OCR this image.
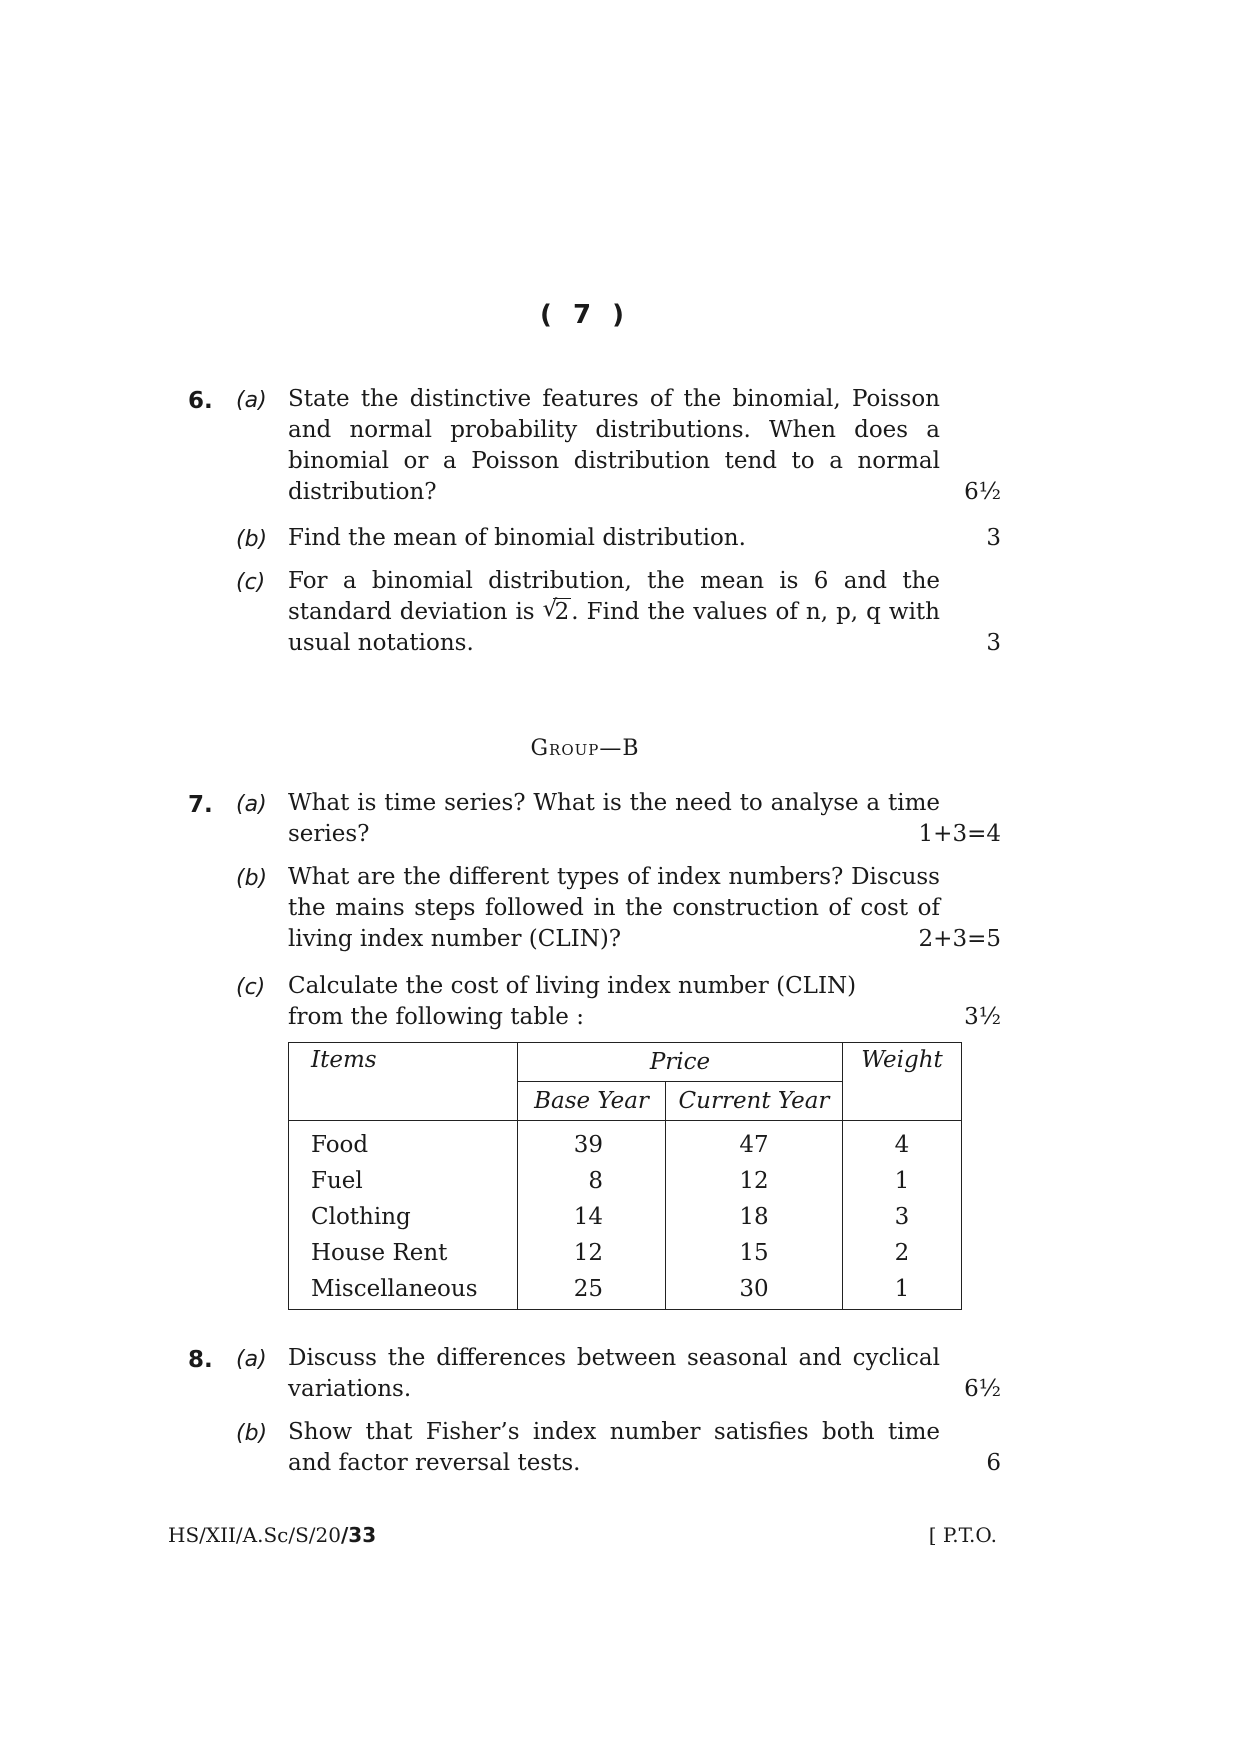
( 7 )
6. (a) State the distinctive features of the binomial, Poisson and normal probability distributions. When does a binomial or a Poisson distribution tend to a normal distribution?	6½
(b) Find the mean of binomial distribution.	3
(c) For a binomial distribution, the mean is 6 and the standard deviation is √
2. Find the values of n, p, q with usual notations.	3
Group—B
7. (a) What is time series? What is the need to analyse a time series?	1+3=4
(b) What are the different types of index numbers? Discuss the mains steps followed in the construction of cost of living index number (CLIN)?	2+3=5
(c) Calculate the cost of living index number (CLIN) from the following table :	3½
Items	Price		Weight
	Base Year	Current Year	
Food	39	47	4
Fuel	8	12	1
Clothing	14	18	3
House Rent	12	15	2
Miscellaneous	25	30	1
8. (a) Discuss the differences between seasonal and cyclical variations.	6½
(b) Show that Fisher’s index number satisfies both time and factor reversal tests.	6
HS/XII/A.Sc/S/20/33	[ P.T.O.
